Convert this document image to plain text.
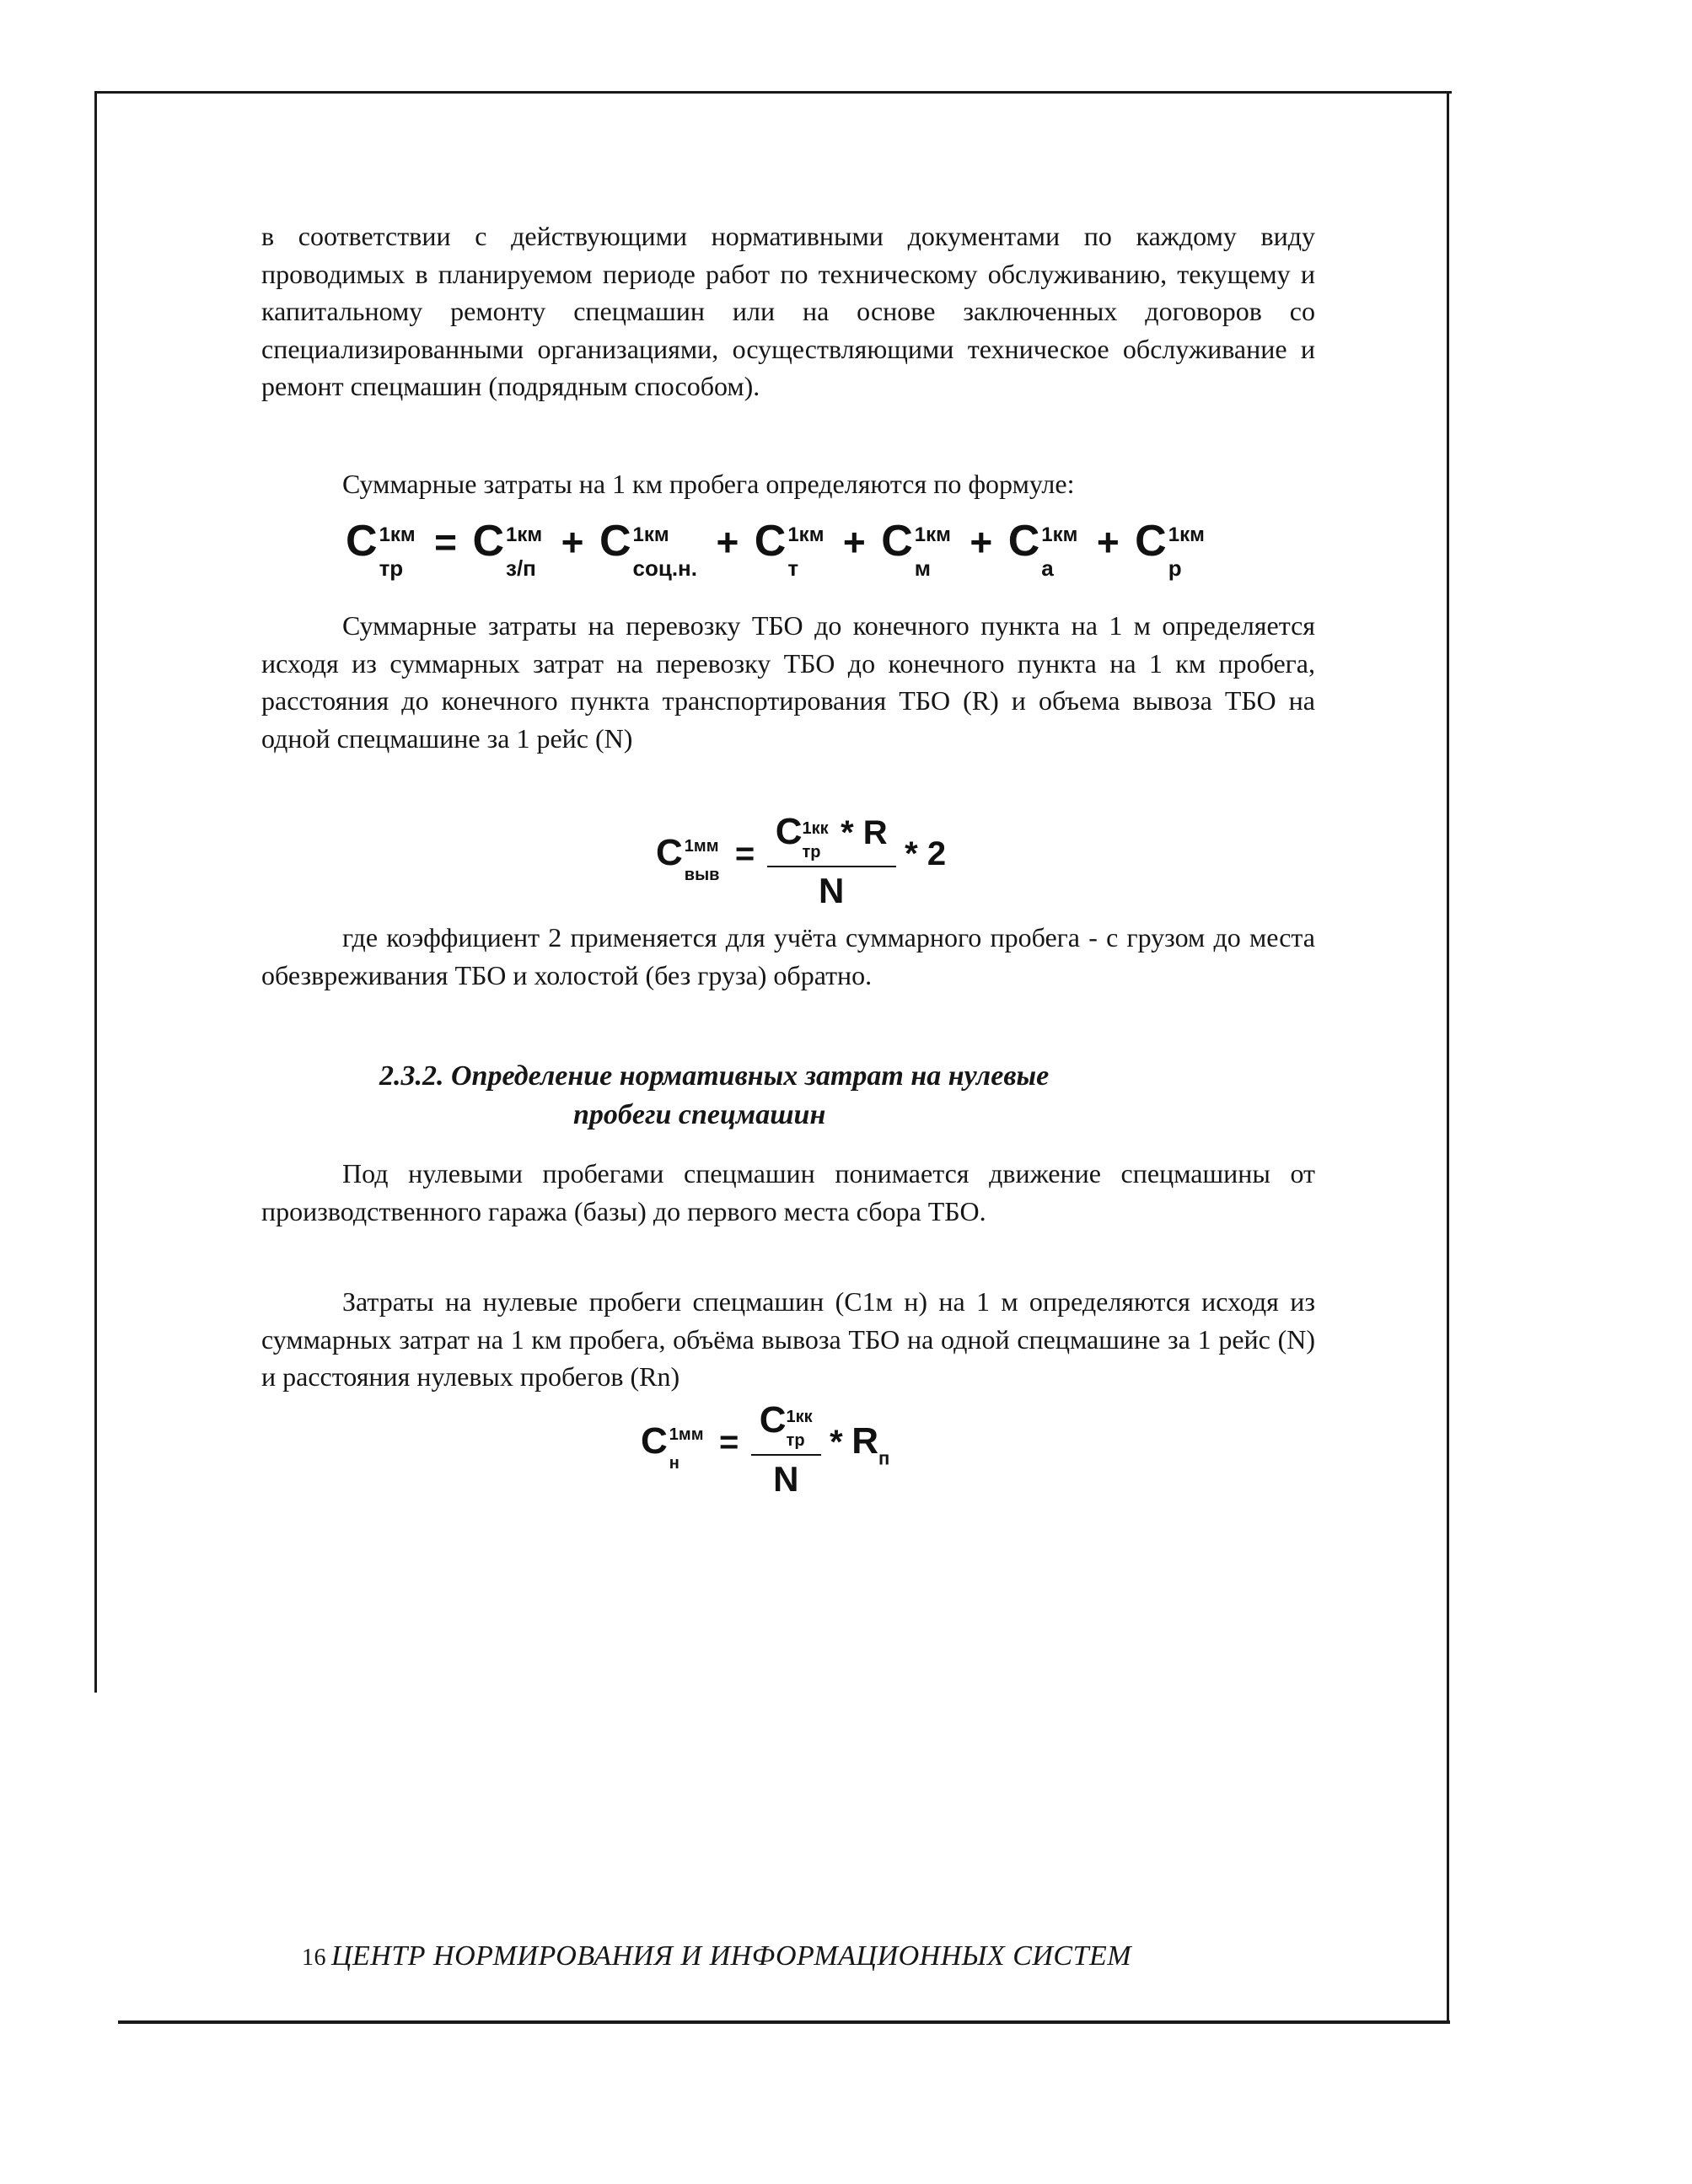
в соответствии с действующими нормативными документами по каждому виду проводимых в планируемом периоде работ по техническому обслуживанию, текущему и капитальному ремонту спецмашин или на основе заключенных договоров со специализированными организациями, осуществляющими техническое обслуживание и ремонт спецмашин (подрядным способом).

Суммарные затраты на 1 км пробега определяются по формуле:

С 1км
тр
= С 1км
з/п
+ С 1км
соц.н.
+ С 1км
т
+ С 1км
м
+ С 1км
а
+ С 1км
р

Суммарные затраты на перевозку ТБО до конечного пункта на 1 м определяется исходя из суммарных затрат на перевозку ТБО до конечного пункта на 1 км пробега, расстояния до конечного пункта транспортирования ТБО (R) и объема вывоза ТБО на одной спецмашине за 1 рейс (N)

С 1мм
выв
= С 1кк
тр
* R
N * 2

где коэффициент 2 применяется для учёта суммарного пробега - с грузом до места обезвреживания ТБО и холостой (без груза) обратно.

2.3.2. Определение нормативных затрат на нулевые
пробеги спецмашин

Под нулевыми пробегами спецмашин понимается движение спецмашины от производственного гаража (базы) до первого места сбора ТБО.

Затраты на нулевые пробеги спецмашин (С1м н) на 1 м определяются исходя из суммарных затрат на 1 км пробега, объёма вывоза ТБО на одной спецмашине за 1 рейс (N) и расстояния нулевых пробегов (Rn)

С 1мм
н
= С 1кк
тр
N * Rп

16 ЦЕНТР НОРМИРОВАНИЯ И ИНФОРМАЦИОННЫХ СИСТЕМ
